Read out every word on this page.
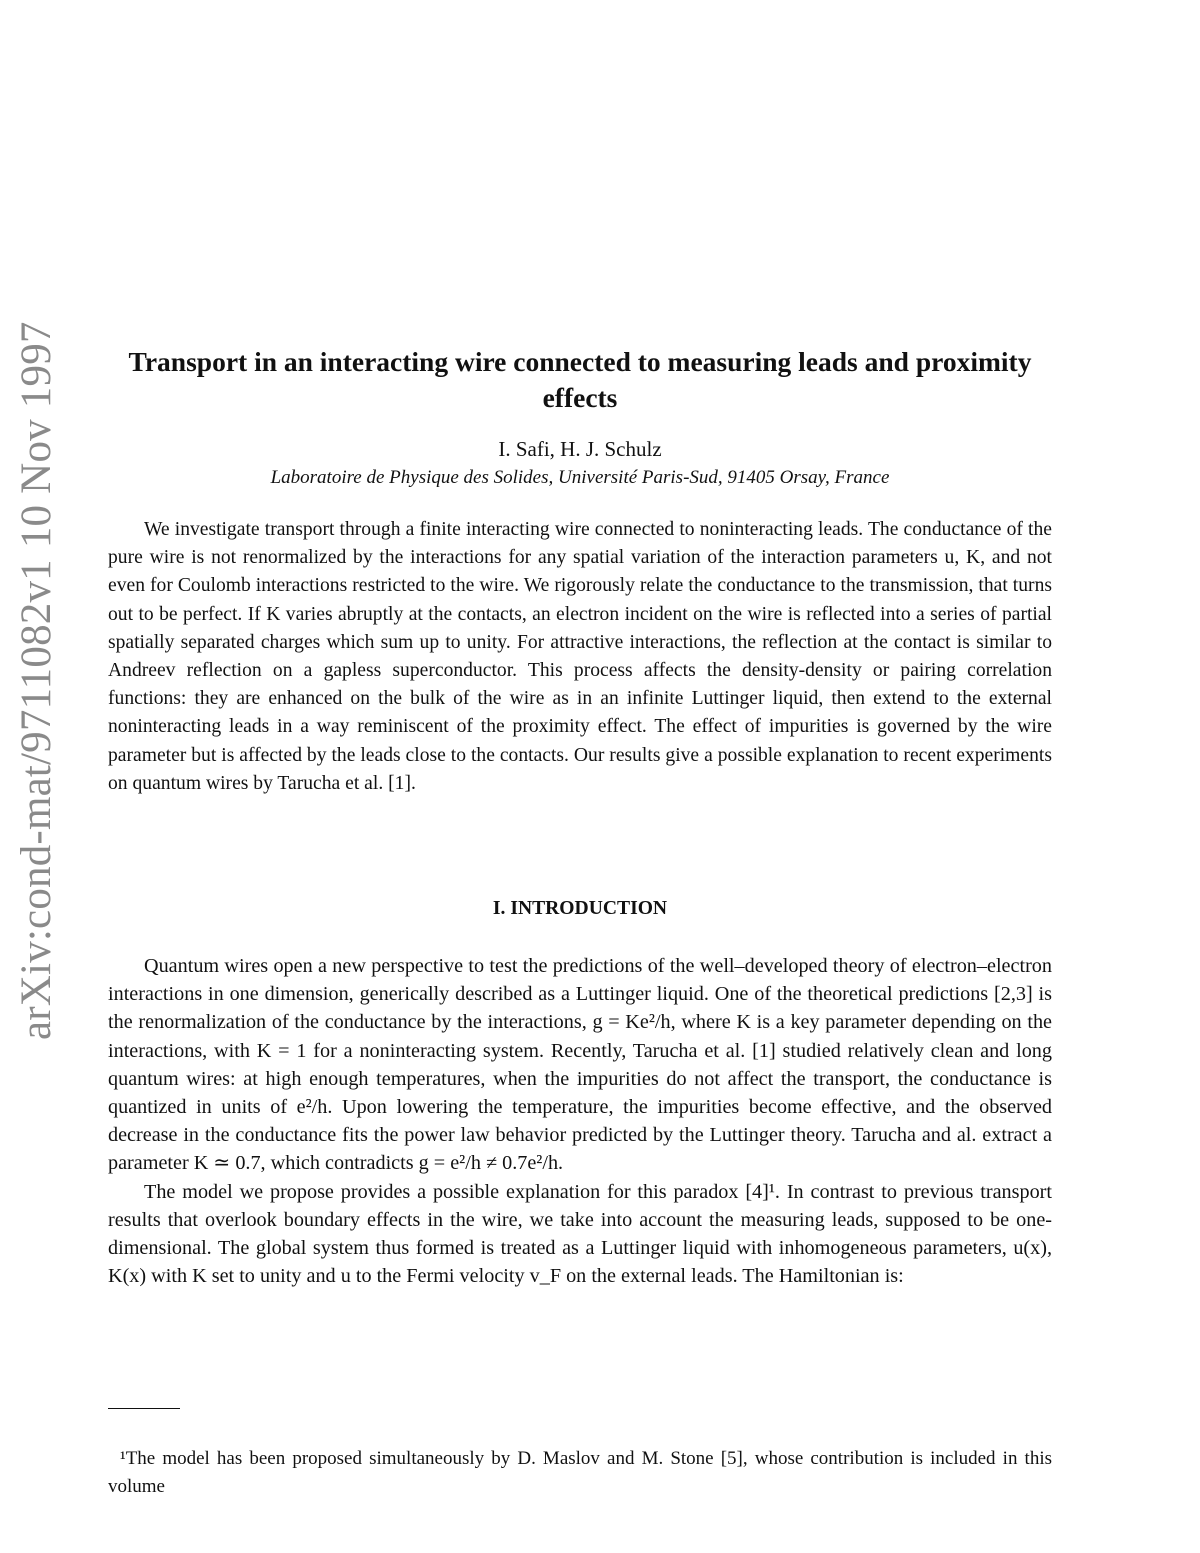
arXiv:cond-mat/9711082v1 10 Nov 1997	Transport in an interacting wire connected to measuring leads and proximity effects
I. Safi, H. J. Schulz
Laboratoire de Physique des Solides, Université Paris-Sud, 91405 Orsay, France

We investigate transport through a finite interacting wire connected to noninteracting leads. The conductance of the pure wire is not renormalized by the interactions for any spatial variation of the interaction parameters u, K, and not even for Coulomb interactions restricted to the wire. We rigorously relate the conductance to the transmission, that turns out to be perfect. If K varies abruptly at the contacts, an electron incident on the wire is reflected into a series of partial spatially separated charges which sum up to unity. For attractive interactions, the reflection at the contact is similar to Andreev reflection on a gapless superconductor. This process affects the density-density or pairing correlation functions: they are enhanced on the bulk of the wire as in an infinite Luttinger liquid, then extend to the external noninteracting leads in a way reminiscent of the proximity effect. The effect of impurities is governed by the wire parameter but is affected by the leads close to the contacts. Our results give a possible explanation to recent experiments on quantum wires by Tarucha et al. [1].

I. INTRODUCTION

Quantum wires open a new perspective to test the predictions of the well–developed theory of electron–electron interactions in one dimension, generically described as a Luttinger liquid. One of the theoretical predictions [2,3] is the renormalization of the conductance by the interactions, g = Ke²/h, where K is a key parameter depending on the interactions, with K = 1 for a noninteracting system. Recently, Tarucha et al. [1] studied relatively clean and long quantum wires: at high enough temperatures, when the impurities do not affect the transport, the conductance is quantized in units of e²/h. Upon lowering the temperature, the impurities become effective, and the observed decrease in the conductance fits the power law behavior predicted by the Luttinger theory. Tarucha and al. extract a parameter K ≃ 0.7, which contradicts g = e²/h ≠ 0.7e²/h.

The model we propose provides a possible explanation for this paradox [4]¹. In contrast to previous transport results that overlook boundary effects in the wire, we take into account the measuring leads, supposed to be one-dimensional. The global system thus formed is treated as a Luttinger liquid with inhomogeneous parameters, u(x), K(x) with K set to unity and u to the Fermi velocity v_F on the external leads. The Hamiltonian is:

¹The model has been proposed simultaneously by D. Maslov and M. Stone [5], whose contribution is included in this volume
